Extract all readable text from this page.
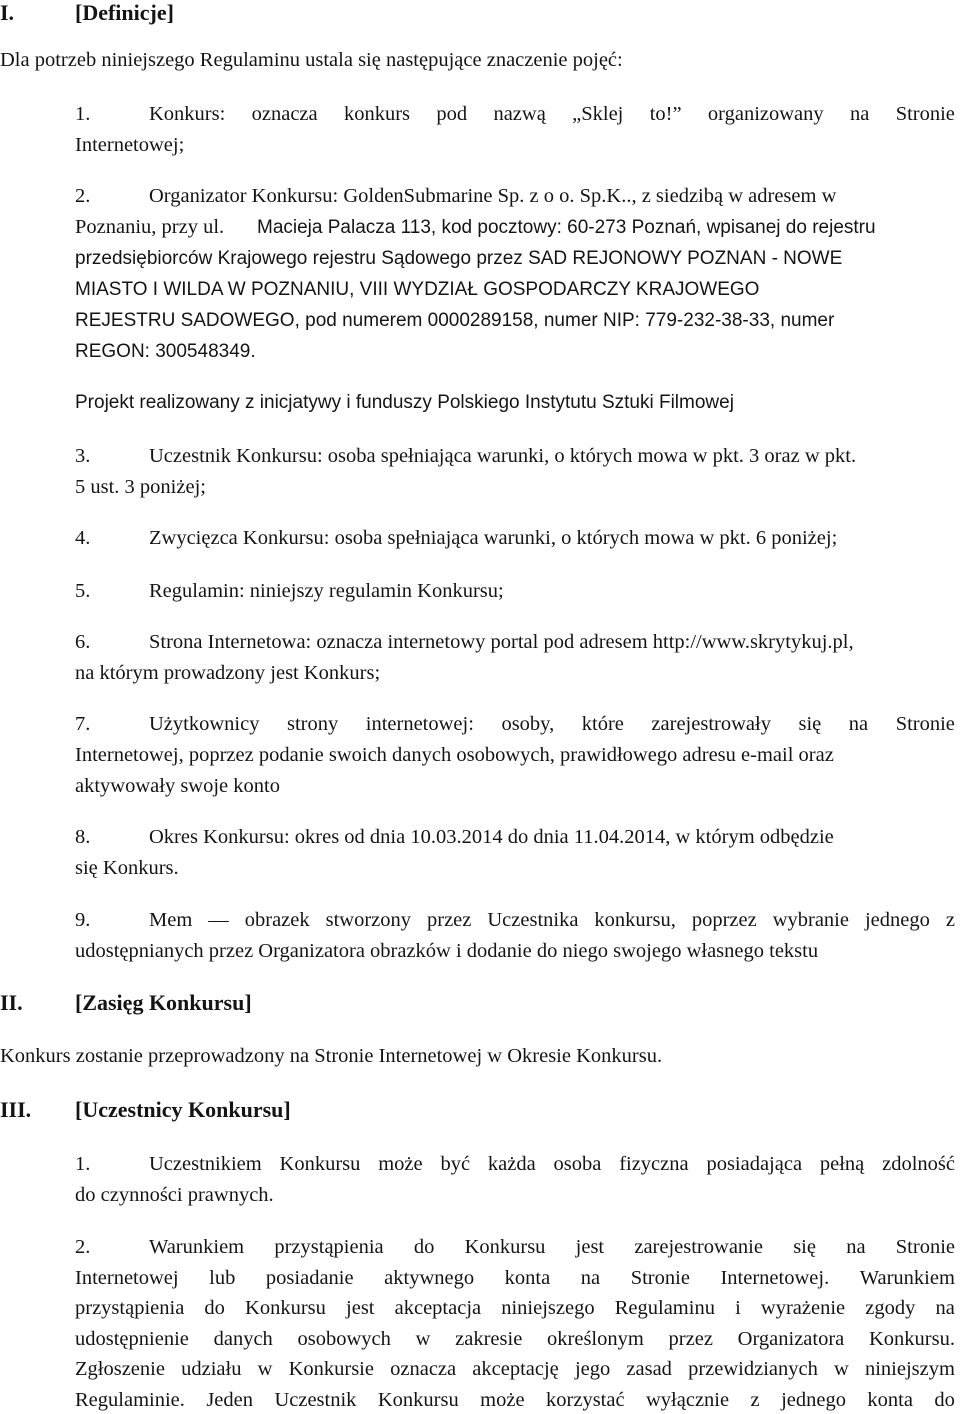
I.	[Definicje]
Dla potrzeb niniejszego Regulaminu ustala się następujące znaczenie pojęć:
1.	Konkurs: oznacza konkurs pod nazwą „Sklej to!” organizowany na Stronie
Internetowej;
2.	Organizator Konkursu: GoldenSubmarine Sp. z o o. Sp.K.., z siedzibą w adresem w
Poznaniu, przy ul. Macieja Palacza 113, kod pocztowy: 60-273 Poznań, wpisanej do rejestru
przedsiębiorców Krajowego rejestru Sądowego przez SAD REJONOWY POZNAN - NOWE
MIASTO I WILDA W POZNANIU, VIII WYDZIAŁ GOSPODARCZY KRAJOWEGO
REJESTRU SADOWEGO, pod numerem 0000289158, numer NIP: 779-232-38-33, numer
REGON: 300548349.
Projekt realizowany z inicjatywy i funduszy Polskiego Instytutu Sztuki Filmowej
3.	Uczestnik Konkursu: osoba spełniająca warunki, o których mowa w pkt. 3 oraz w pkt.
5 ust. 3 poniżej;
4.	Zwycięzca Konkursu: osoba spełniająca warunki, o których mowa w pkt. 6 poniżej;
5.	Regulamin: niniejszy regulamin Konkursu;
6.	Strona Internetowa: oznacza internetowy portal pod adresem http://www.skrytykuj.pl,
na którym prowadzony jest Konkurs;
7.	Użytkownicy strony internetowej: osoby, które zarejestrowały się na Stronie
Internetowej, poprzez podanie swoich danych osobowych, prawidłowego adresu e-mail oraz
aktywowały swoje konto
8.	Okres Konkursu: okres od dnia 10.03.2014 do dnia 11.04.2014, w którym odbędzie
się Konkurs.
9.	Mem — obrazek stworzony przez Uczestnika konkursu, poprzez wybranie jednego z
udostępnianych przez Organizatora obrazków i dodanie do niego swojego własnego tekstu
II. [Zasięg Konkursu]
Konkurs zostanie przeprowadzony na Stronie Internetowej w Okresie Konkursu.
III. [Uczestnicy Konkursu]
1.	Uczestnikiem Konkursu może być każda osoba fizyczna posiadająca pełną zdolność
do czynności prawnych.
2.	Warunkiem przystąpienia do Konkursu jest zarejestrowanie się na Stronie
Internetowej lub posiadanie aktywnego konta na Stronie Internetowej. Warunkiem
przystąpienia do Konkursu jest akceptacja niniejszego Regulaminu i wyrażenie zgody na
udostępnienie danych osobowych w zakresie określonym przez Organizatora Konkursu.
Zgłoszenie udziału w Konkursie oznacza akceptację jego zasad przewidzianych w niniejszym
Regulaminie. Jeden Uczestnik Konkursu może korzystać wyłącznie z jednego konta do
